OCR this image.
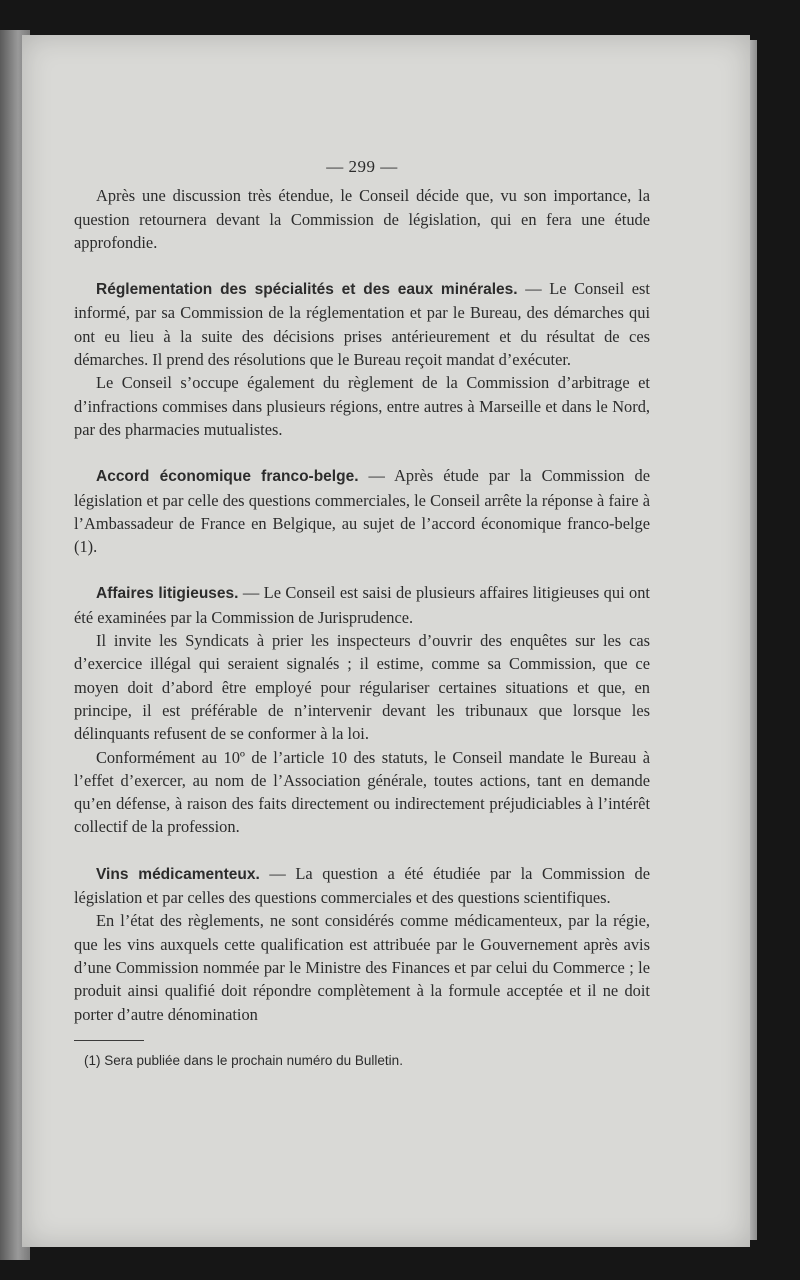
— 299 —

Après une discussion très étendue, le Conseil décide que, vu son importance, la question retournera devant la Commission de législation, qui en fera une étude approfondie.

Réglementation des spécialités et des eaux minérales. — Le Conseil est informé, par sa Commission de la réglementation et par le Bureau, des démarches qui ont eu lieu à la suite des décisions prises antérieurement et du résultat de ces démarches. Il prend des résolutions que le Bureau reçoit mandat d’exécuter.

Le Conseil s’occupe également du règlement de la Commission d’arbitrage et d’infractions commises dans plusieurs régions, entre autres à Marseille et dans le Nord, par des pharmacies mutualistes.

Accord économique franco-belge. — Après étude par la Commission de législation et par celle des questions commerciales, le Conseil arrête la réponse à faire à l’Ambassadeur de France en Belgique, au sujet de l’accord économique franco-belge (1).

Affaires litigieuses. — Le Conseil est saisi de plusieurs affaires litigieuses qui ont été examinées par la Commission de Jurisprudence.

Il invite les Syndicats à prier les inspecteurs d’ouvrir des enquêtes sur les cas d’exercice illégal qui seraient signalés ; il estime, comme sa Commission, que ce moyen doit d’abord être employé pour régulariser certaines situations et que, en principe, il est préférable de n’intervenir devant les tribunaux que lorsque les délinquants refusent de se conformer à la loi.

Conformément au 10º de l’article 10 des statuts, le Conseil mandate le Bureau à l’effet d’exercer, au nom de l’Association générale, toutes actions, tant en demande qu’en défense, à raison des faits directement ou indirectement préjudiciables à l’intérêt collectif de la profession.

Vins médicamenteux. — La question a été étudiée par la Commission de législation et par celles des questions commerciales et des questions scientifiques.

En l’état des règlements, ne sont considérés comme médicamenteux, par la régie, que les vins auxquels cette qualification est attribuée par le Gouvernement après avis d’une Commission nommée par le Ministre des Finances et par celui du Commerce ; le produit ainsi qualifié doit répondre complètement à la formule acceptée et il ne doit porter d’autre dénomination

(1) Sera publiée dans le prochain numéro du Bulletin.
